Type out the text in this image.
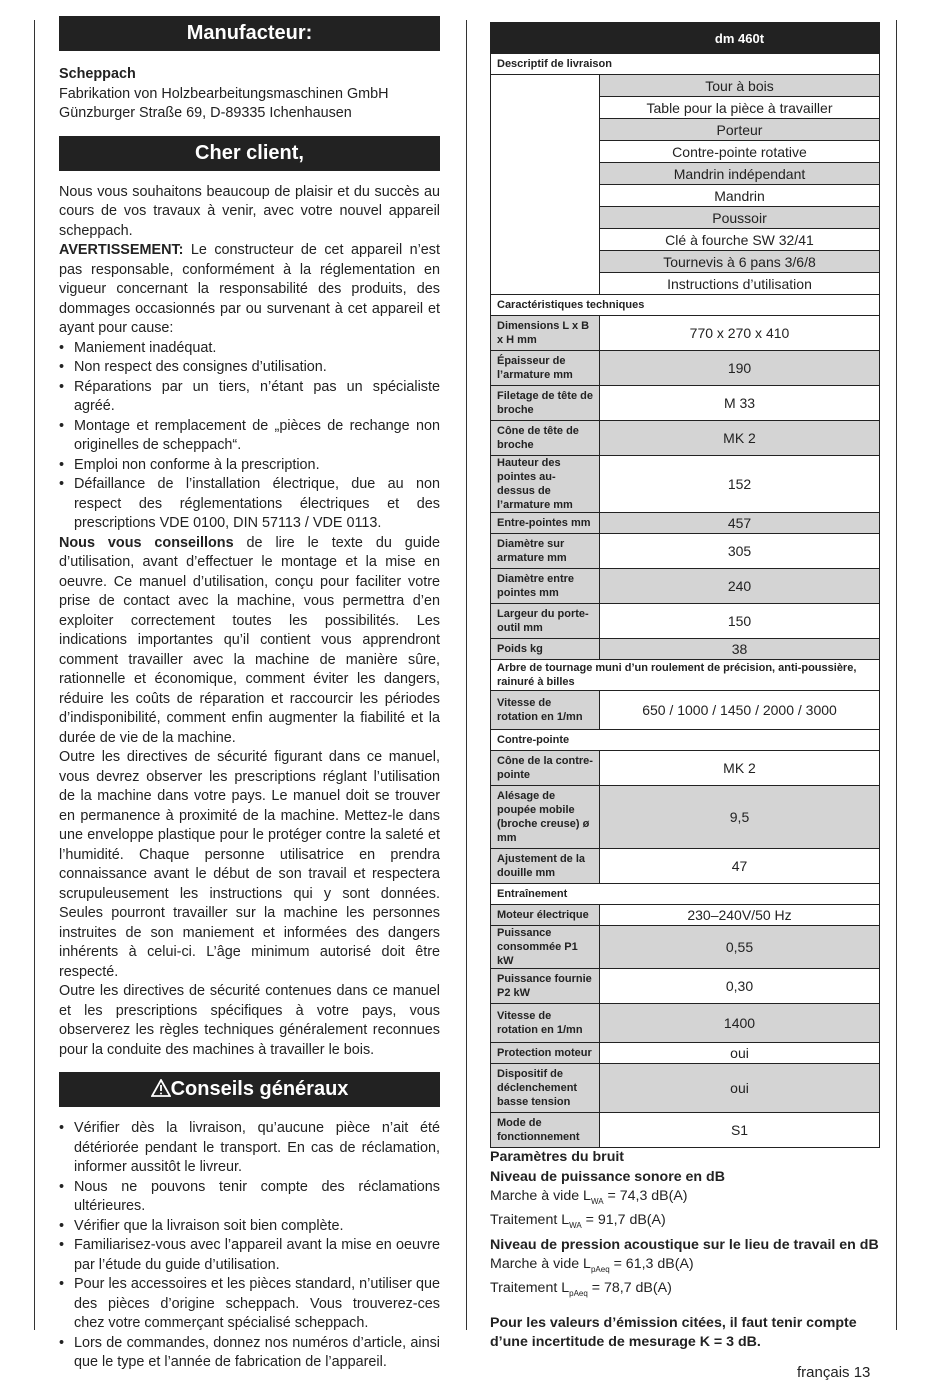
Manufacteur:
Scheppach
Fabrikation von Holzbearbeitungsmaschinen GmbH
Günzburger Straße 69, D-89335 Ichenhausen
Cher client,

Nous vous souhaitons beaucoup de plaisir et du succès au cours de vos travaux à venir, avec votre nouvel appareil scheppach.

AVERTISSEMENT: Le constructeur de cet appareil n’est pas responsable, conformément à la réglementation en vigueur concernant la responsabilité des produits, des dommages occasionnés par ou survenant à cet appareil et ayant pour cause:

• Maniement inadéquat.
• Non respect des consignes d’utilisation.
• Réparations par un tiers, n’étant pas un spécialiste agréé.
• Montage et remplacement de „pièces de rechange non originelles de scheppach“.
• Emploi non conforme à la prescription.
• Défaillance de l’installation électrique, due au non respect des réglementations électriques et des prescriptions VDE 0100, DIN 57113 / VDE 0113.

Nous vous conseillons de lire le texte du guide d’utilisation, avant d’effectuer le montage et la mise en oeuvre. Ce manuel d’utilisation, conçu pour faciliter votre prise de contact avec la machine, vous permettra d’en exploiter correctement toutes les possibilités. Les indications importantes qu’il contient vous apprendront comment travailler avec la machine de manière sûre, rationnelle et économique, comment éviter les dangers, réduire les coûts de réparation et raccourcir les périodes d’indisponibilité, comment enfin augmenter la fiabilité et la durée de vie de la machine.

Outre les directives de sécurité figurant dans ce manuel, vous devrez observer les prescriptions réglant l’utilisation de la machine dans votre pays. Le manuel doit se trouver en permanence à proximité de la machine. Mettez-le dans une enveloppe plastique pour le protéger contre la saleté et l’humidité. Chaque personne utilisatrice en prendra connaissance avant le début de son travail et respectera scrupuleusement les instructions qui y sont données. Seules pourront travailler sur la machine les personnes instruites de son maniement et informées des dangers inhérents à celui-ci. L’âge minimum autorisé doit être respecté.

Outre les directives de sécurité contenues dans ce manuel et les prescriptions spécifiques à votre pays, vous observerez les règles techniques généralement reconnues pour la conduite des machines à travailler le bois.

Conseils généraux
• Vérifier dès la livraison, qu’aucune pièce n’ait été détériorée pendant le transport. En cas de réclamation, informer aussitôt le livreur.
• Nous ne pouvons tenir compte des réclamations ultérieures.
• Vérifier que la livraison soit bien complète.
• Familiarisez-vous avec l’appareil avant la mise en oeuvre par l’étude du guide d’utilisation.
• Pour les accessoires et les pièces standard, n’utiliser que des pièces d’origine scheppach. Vous trouverez-ces chez votre commerçant spécialisé scheppach.
• Lors de commandes, donnez nos numéros d’article, ainsi que le type et l’année de fabrication de l’appareil.
	dm 460t
Descriptif de livraison	
	Tour à bois
	Table pour la pièce à travailler
	Porteur
	Contre-pointe rotative
	Mandrin indépendant
	Mandrin
	Poussoir
	Clé à fourche SW 32/41
	Tournevis à 6 pans 3/6/8
	Instructions d’utilisation
Caractéristiques techniques	
Dimensions L x B x H mm	770 x 270 x 410
Épaisseur de l’armature mm	190
Filetage de tête de broche	M 33
Cône de tête de broche	MK 2
Hauteur des pointes au-dessus de l’armature mm	152
Entre-pointes mm	457
Diamètre sur armature mm	305
Diamètre entre pointes mm	240
Largeur du porte-outil mm	150
Poids kg	38
Arbre de tournage muni d’un roulement de précision, anti-poussière, rainuré à billes	
Vitesse de rotation en 1/mn	650 / 1000 / 1450 / 2000 / 3000
Contre-pointe	
Cône de la contre-pointe	MK 2
Alésage de poupée mobile (broche creuse) ø mm	9,5
Ajustement de la douille mm	47
Entraînement	
Moteur électrique	230–240V/50 Hz
Puissance consommée P1 kW	0,55
Puissance fournie P2 kW	0,30
Vitesse de rotation en 1/mn	1400
Protection moteur	oui
Dispositif de déclenchement basse tension	oui
Mode de fonctionnement	S1
Paramètres du bruit
Niveau de puissance sonore en dB
Marche à vide $L_{WA} = 74,3$ dB(A)
Traitement $L_{WA} = 91,7$ dB(A)
Niveau de pression acoustique sur le lieu de travail en dB
Marche à vide $L_{pAeq} = 61,3$ dB(A)
Traitement $L_{pAeq} = 78,7$ dB(A)
Pour les valeurs d’émission citées, il faut tenir compte d’une incertitude de mesurage K = 3 dB.
français 13
